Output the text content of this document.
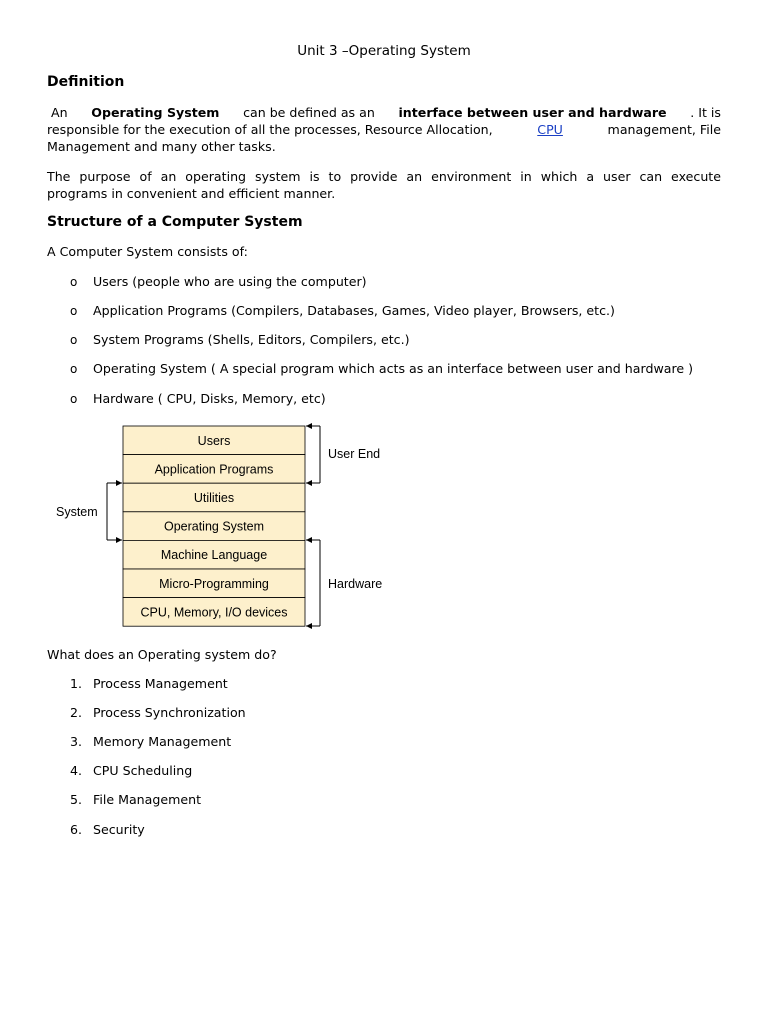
Unit 3 –Operating System
Definition
An Operating System can be defined as an interface between user and hardware . It is
responsible for the execution of all the processes, Resource Allocation,	CPU	management, File
Management and many other tasks.
The purpose of an operating system is to provide an environment in which a user can execute
programs in convenient and efficient manner.
Structure of a Computer System
A Computer System consists of:
o Users (people who are using the computer)
o Application Programs (Compilers, Databases, Games, Video player, Browsers, etc.)
o System Programs (Shells, Editors, Compilers, etc.)
o Operating System ( A special program which acts as an interface between user and hardware )
o Hardware ( CPU, Disks, Memory, etc)
Users
Application Programs
Utilities
Operating System
Machine Language
Micro-Programming
CPU, Memory, I/O devices
System
User End
Hardware
What does an Operating system do?
1. Process Management
2. Process Synchronization
3. Memory Management
4. CPU Scheduling
5. File Management
6. Security
